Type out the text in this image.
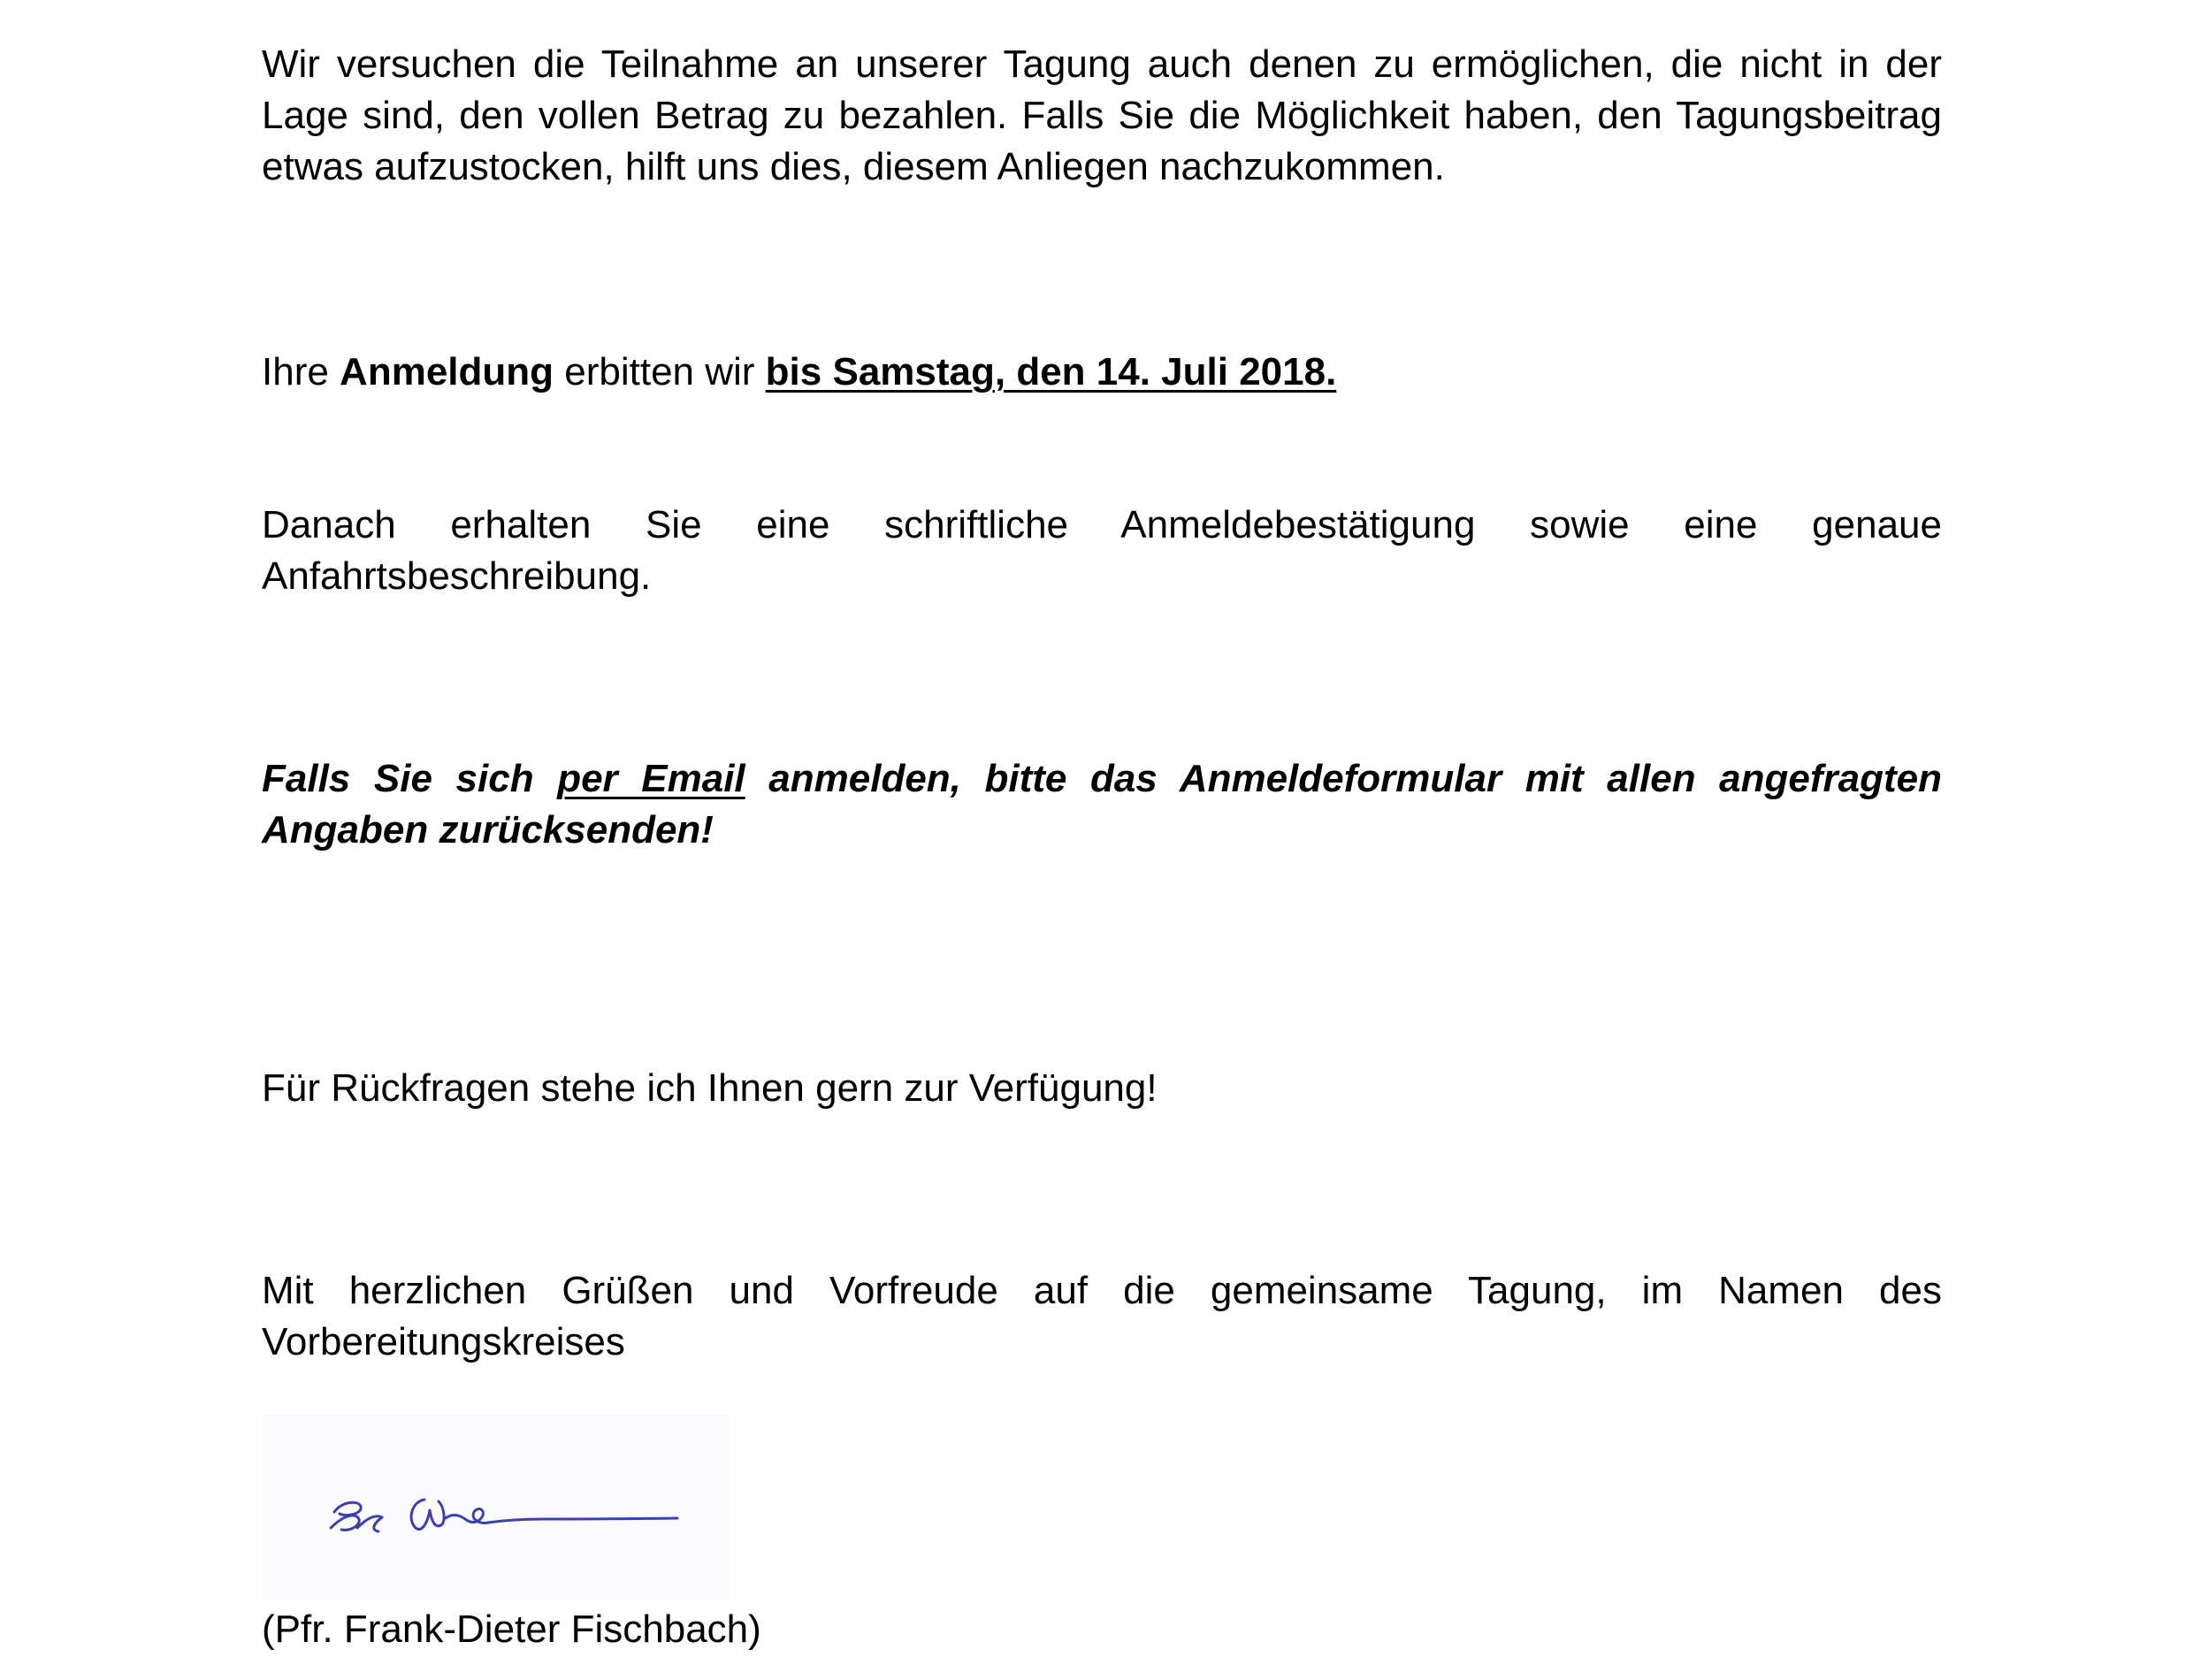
Wir versuchen die Teilnahme an unserer Tagung auch denen zu ermöglichen, die nicht in der Lage sind, den vollen Betrag zu bezahlen. Falls Sie die Möglichkeit haben, den Tagungsbeitrag etwas aufzustocken, hilft uns dies, diesem Anliegen nachzukommen.

Ihre Anmeldung erbitten wir bis Samstag, den 14. Juli 2018.

Danach erhalten Sie eine schriftliche Anmeldebestätigung sowie eine genaue Anfahrtsbeschreibung.

Falls Sie sich per Email anmelden, bitte das Anmeldeformular mit allen angefragten Angaben zurücksenden!

Für Rückfragen stehe ich Ihnen gern zur Verfügung!

Mit herzlichen Grüßen und Vorfreude auf die gemeinsame Tagung, im Namen des Vorbereitungskreises

(Pfr. Frank-Dieter Fischbach)
